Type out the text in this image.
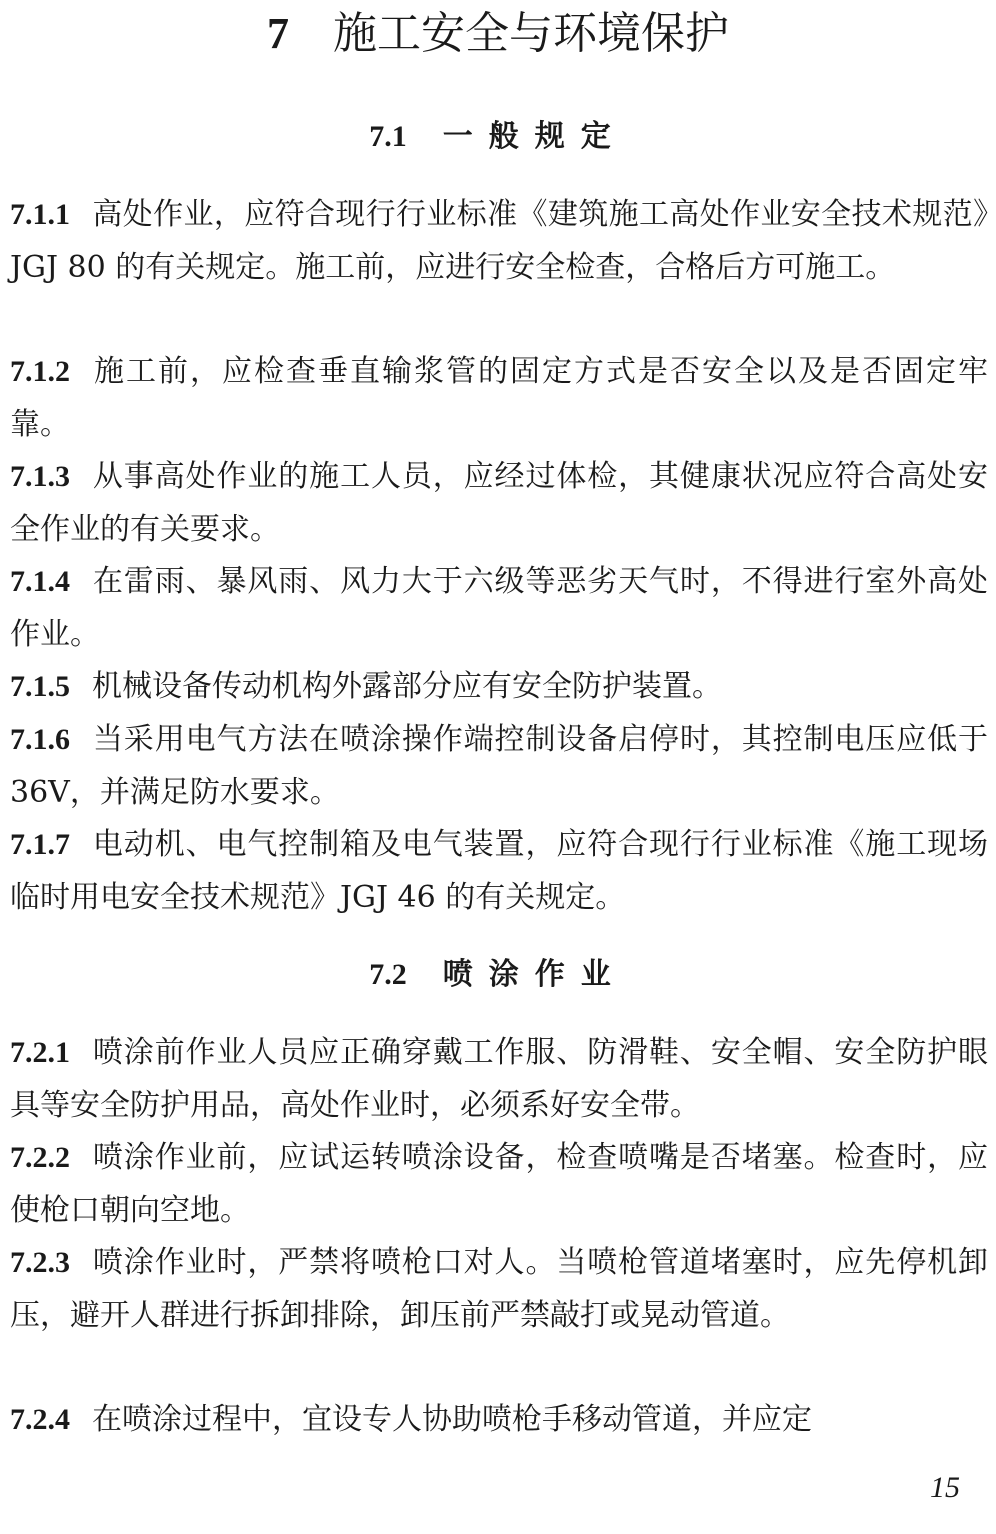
7 施工安全与环境保护
7.1 一般规定
7.1.1 高处作业，应符合现行行业标准《建筑施工高处作业安全技术规范》JGJ 80 的有关规定。施工前，应进行安全检查，合格后方可施工。
7.1.2 施工前，应检查垂直输浆管的固定方式是否安全以及是否固定牢靠。
7.1.3 从事高处作业的施工人员，应经过体检，其健康状况应符合高处安全作业的有关要求。
7.1.4 在雷雨、暴风雨、风力大于六级等恶劣天气时，不得进行室外高处作业。
7.1.5 机械设备传动机构外露部分应有安全防护装置。
7.1.6 当采用电气方法在喷涂操作端控制设备启停时，其控制电压应低于 36V，并满足防水要求。
7.1.7 电动机、电气控制箱及电气装置，应符合现行行业标准《施工现场临时用电安全技术规范》JGJ 46 的有关规定。
7.2 喷涂作业
7.2.1 喷涂前作业人员应正确穿戴工作服、防滑鞋、安全帽、安全防护眼具等安全防护用品，高处作业时，必须系好安全带。
7.2.2 喷涂作业前，应试运转喷涂设备，检查喷嘴是否堵塞。检查时，应使枪口朝向空地。
7.2.3 喷涂作业时，严禁将喷枪口对人。当喷枪管道堵塞时，应先停机卸压，避开人群进行拆卸排除，卸压前严禁敲打或晃动管道。
7.2.4 在喷涂过程中，宜设专人协助喷枪手移动管道，并应定
15
